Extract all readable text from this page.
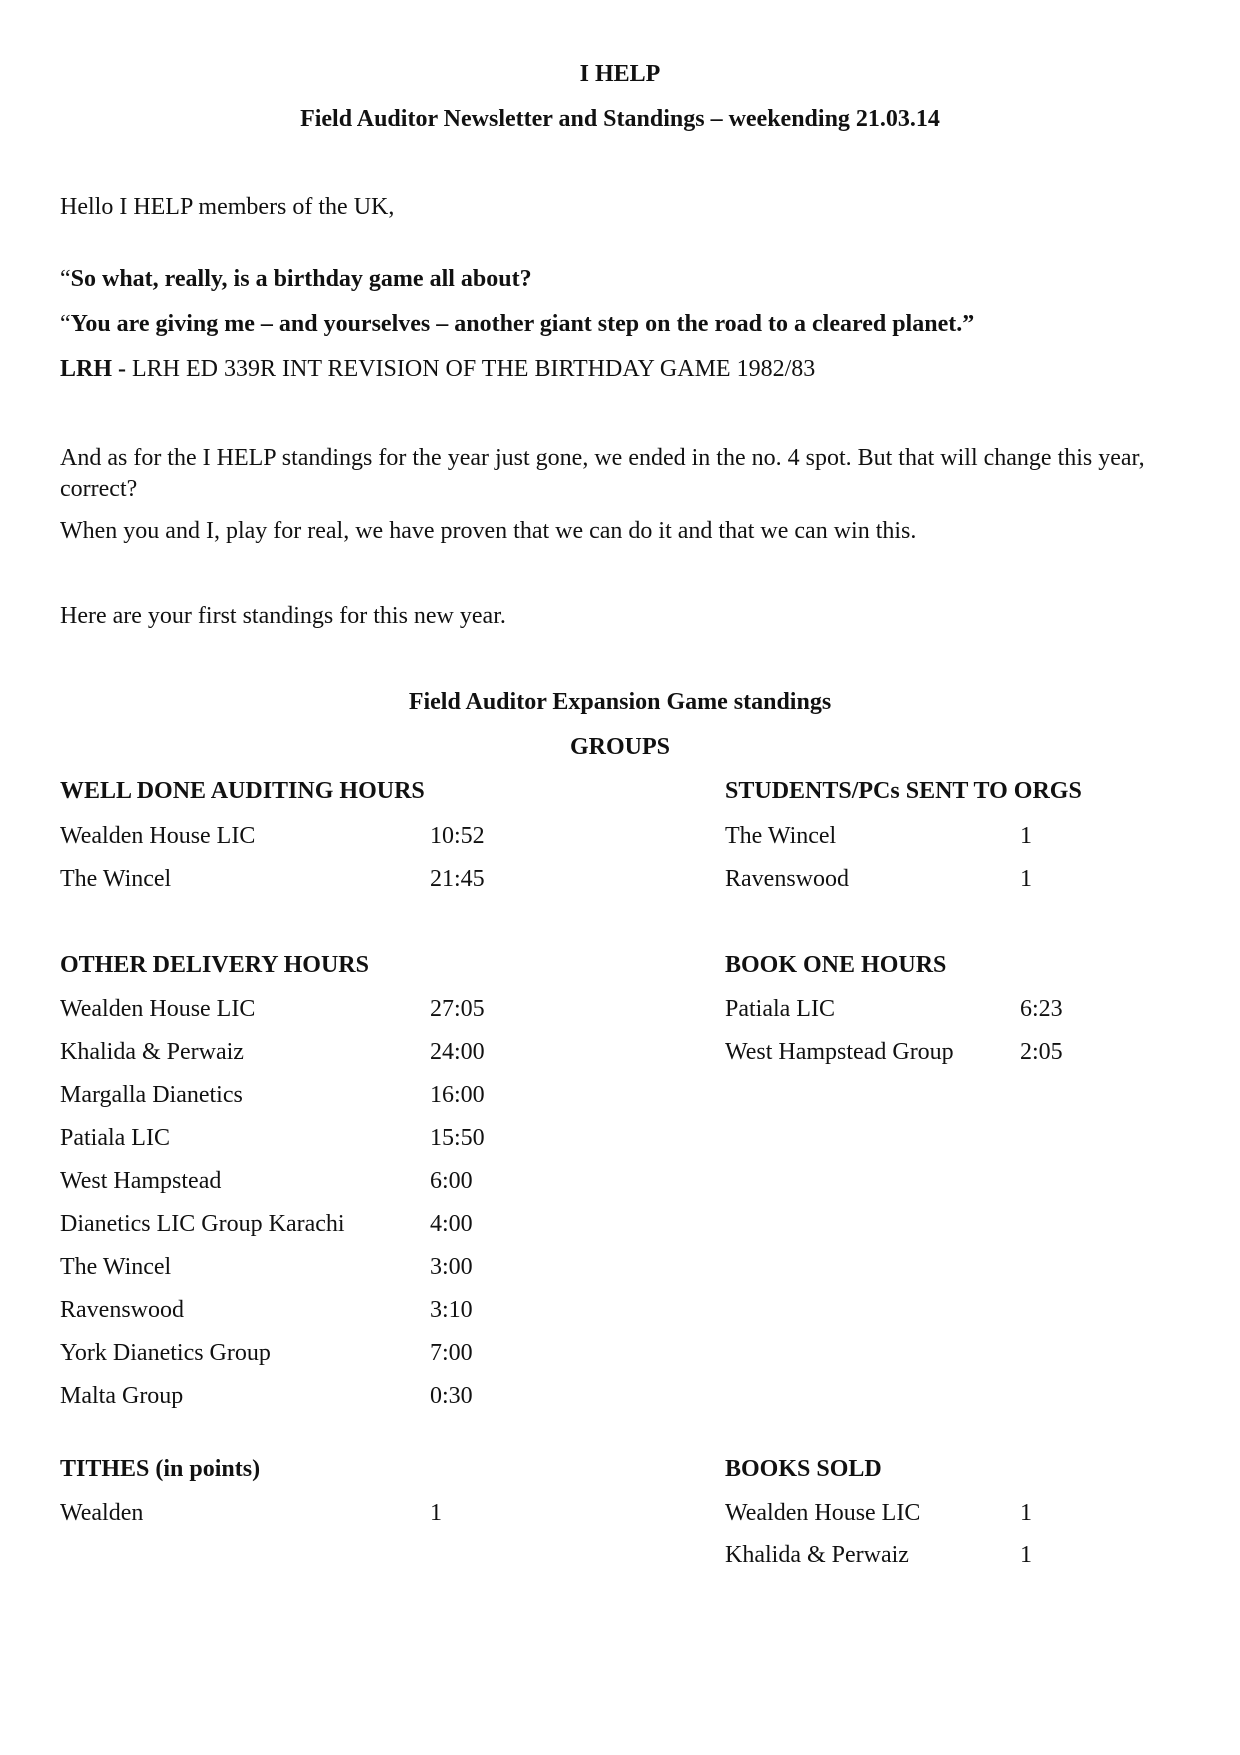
I HELP
Field Auditor Newsletter and Standings – weekending 21.03.14
Hello I HELP members of the UK,
“So what, really, is a birthday game all about?
“You are giving me – and yourselves – another giant step on the road to a cleared planet.”
LRH - LRH ED 339R INT REVISION OF THE BIRTHDAY GAME 1982/83

And as for the I HELP standings for the year just gone, we ended in the no. 4 spot. But that will change this year, correct?

When you and I, play for real, we have proven that we can do it and that we can win this.
Here are your first standings for this new year.
Field Auditor Expansion Game standings
GROUPS
WELL DONE AUDITING HOURS
Wealden House LIC	10:52
The Wincel	21:45
STUDENTS/PCs SENT TO ORGS
The Wincel	1
Ravenswood	1
OTHER DELIVERY HOURS
Wealden House LIC	27:05
Khalida & Perwaiz	24:00
Margalla Dianetics	16:00
Patiala LIC	15:50
West Hampstead	6:00
Dianetics LIC Group Karachi	4:00
The Wincel	3:00
Ravenswood	3:10
York Dianetics Group	7:00
Malta Group	0:30
BOOK ONE HOURS
Patiala LIC	6:23
West Hampstead Group	2:05
TITHES (in points)
Wealden	1
BOOKS SOLD
Wealden House LIC	1
Khalida & Perwaiz	1
